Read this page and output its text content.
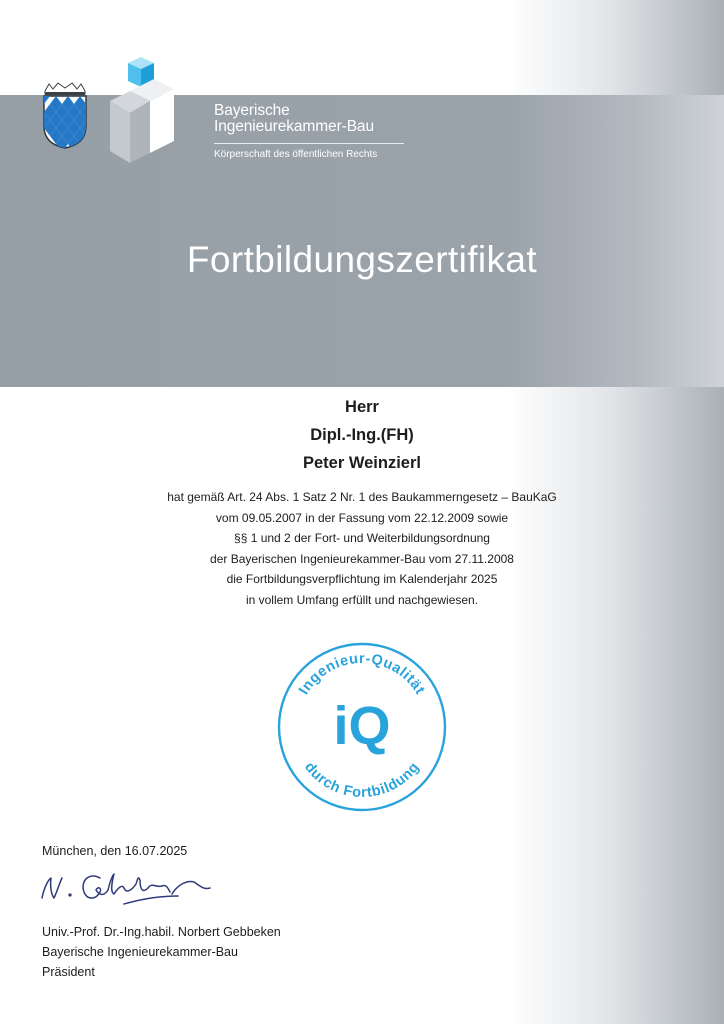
Bayerische
Ingenieurekammer-Bau
Körperschaft des öffentlichen Rechts
Fortbildungszertifikat
Herr
Dipl.-Ing.(FH)
Peter Weinzierl
hat gemäß Art. 24 Abs. 1 Satz 2 Nr. 1 des Baukammerngesetz – BauKaG
vom 09.05.2007 in der Fassung vom 22.12.2009 sowie
§§ 1 und 2 der Fort- und Weiterbildungsordnung
der Bayerischen Ingenieurekammer-Bau vom 27.11.2008
die Fortbildungsverpflichtung im Kalenderjahr 2025
in vollem Umfang erfüllt und nachgewiesen.
Ingenieur-Qualität
iQ
durch Fortbildung
München, den 16.07.2025
Univ.-Prof. Dr.-Ing.habil. Norbert Gebbeken
Bayerische Ingenieurekammer-Bau
Präsident
